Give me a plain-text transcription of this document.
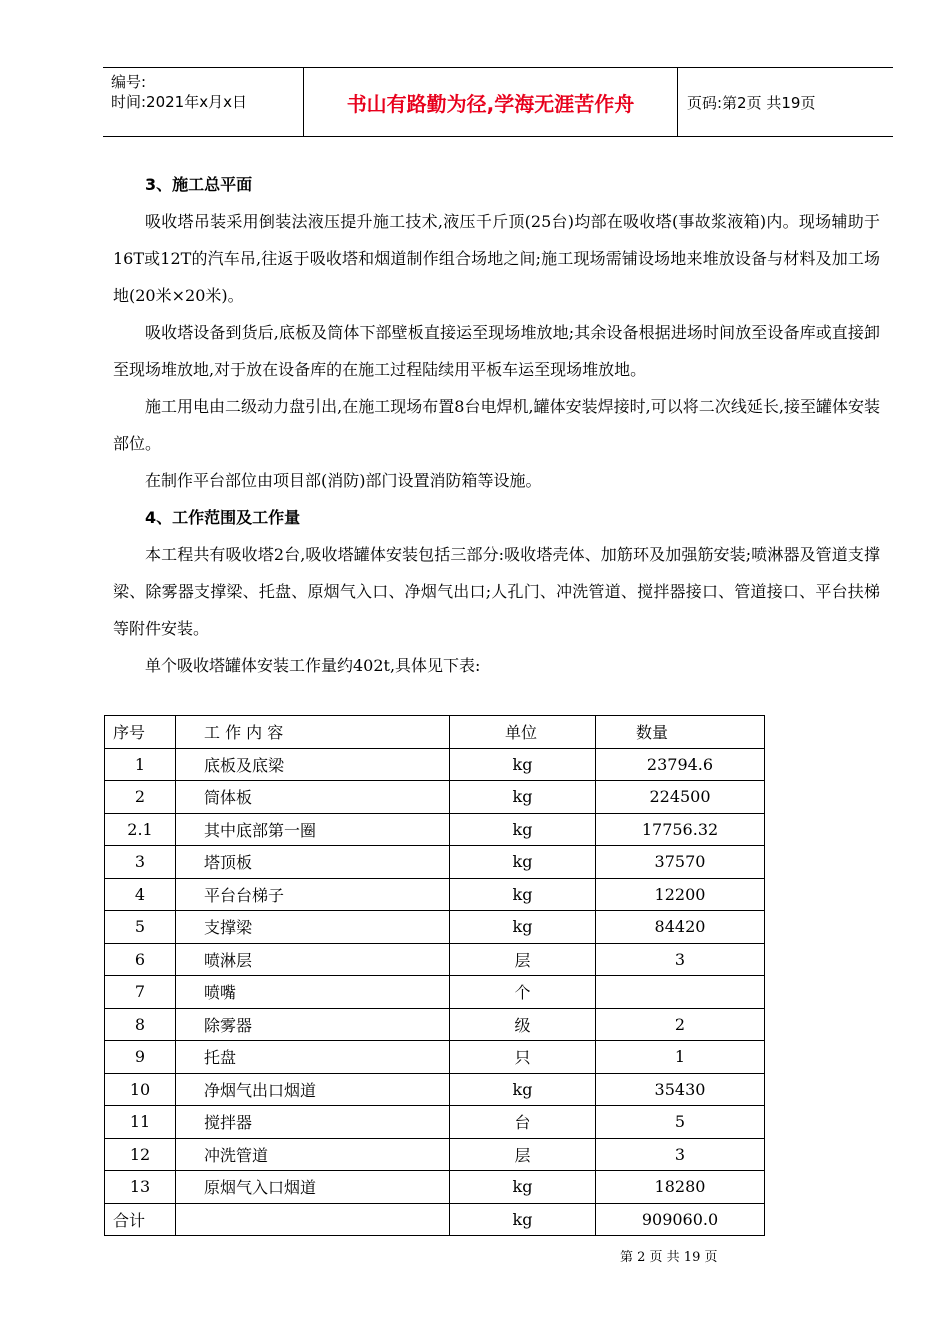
编号:
时间:2021年x月x日	书山有路勤为径,学海无涯苦作舟	页码:第2页 共19页
3、施工总平面

吸收塔吊装采用倒装法液压提升施工技术,液压千斤顶(25台)均部在吸收塔(事故浆液箱)内。现场辅助于16T或12T的汽车吊,往返于吸收塔和烟道制作组合场地之间;施工现场需铺设场地来堆放设备与材料及加工场地(20米×20米)。

吸收塔设备到货后,底板及筒体下部壁板直接运至现场堆放地;其余设备根据进场时间放至设备库或直接卸至现场堆放地,对于放在设备库的在施工过程陆续用平板车运至现场堆放地。

施工用电由二级动力盘引出,在施工现场布置8台电焊机,罐体安装焊接时,可以将二次线延长,接至罐体安装部位。

在制作平台部位由项目部(消防)部门设置消防箱等设施。

4、工作范围及工作量

本工程共有吸收塔2台,吸收塔罐体安装包括三部分:吸收塔壳体、加筋环及加强筋安装;喷淋器及管道支撑梁、除雾器支撑梁、托盘、原烟气入口、净烟气出口;人孔门、冲洗管道、搅拌器接口、管道接口、平台扶梯等附件安装。

单个吸收塔罐体安装工作量约402t,具体见下表:

序号	工 作 内 容	单位	数量
1	底板及底梁	kg	23794.6
2	筒体板	kg	224500
2.1	其中底部第一圈	kg	17756.32
3	塔顶板	kg	37570
4	平台台梯子	kg	12200
5	支撑梁	kg	84420
6	喷淋层	层	3
7	喷嘴	个	
8	除雾器	级	2
9	托盘	只	1
10	净烟气出口烟道	kg	35430
11	搅拌器	台	5
12	冲洗管道	层	3
13	原烟气入口烟道	kg	18280
合计		kg	909060.0
第 2 页 共 19 页
